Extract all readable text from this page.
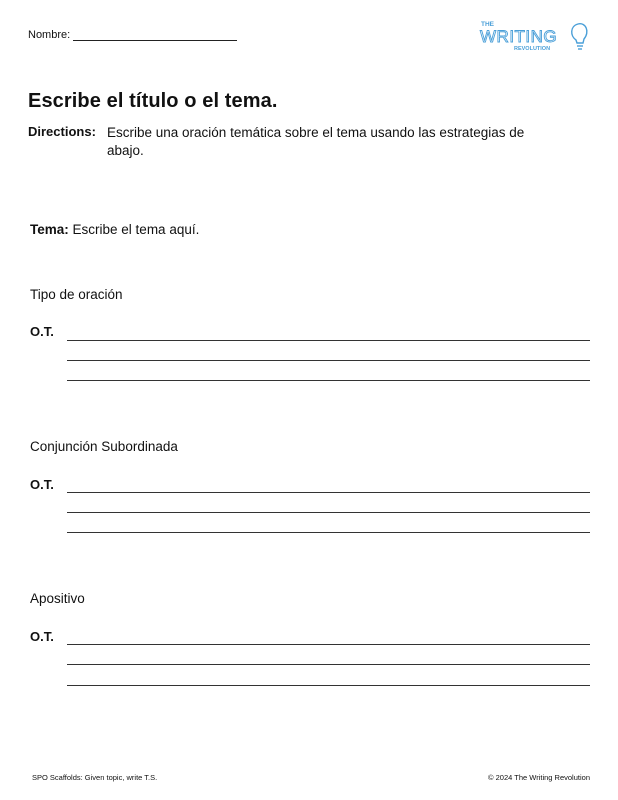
Nombre:
THE
WRITING
REVOLUTION
Escribe el título o el tema.
Directions: Escribe una oración temática sobre el tema usando las estrategias de abajo.
Tema: Escribe el tema aquí.
Tipo de oración
O.T.
Conjunción Subordinada
O.T.
Apositivo
O.T.
SPO Scaffolds: Given topic, write T.S.	© 2024 The Writing Revolution
